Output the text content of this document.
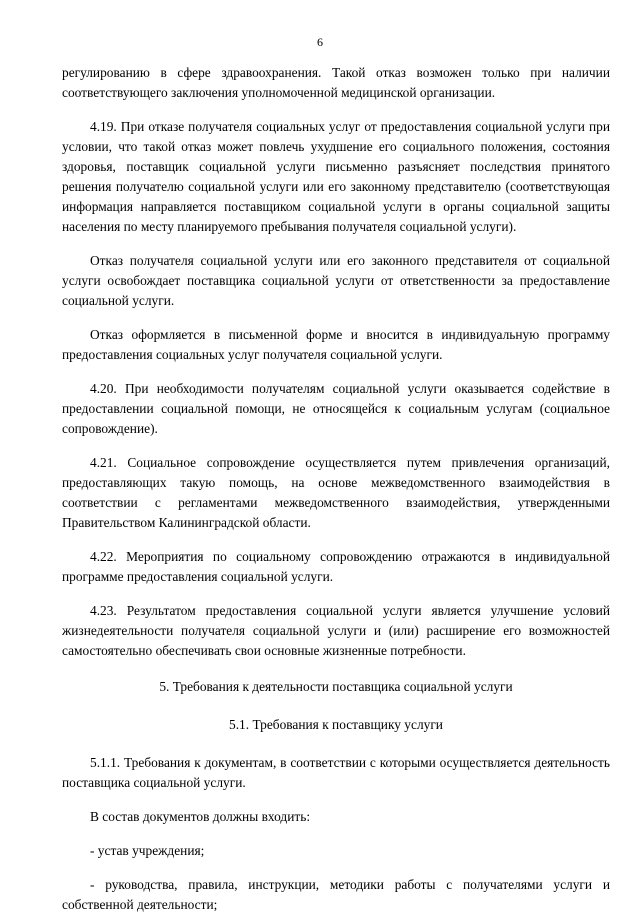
6

регулированию в сфере здравоохранения. Такой отказ возможен только при наличии соответствующего заключения уполномоченной медицинской организации.

4.19. При отказе получателя социальных услуг от предоставления социальной услуги при условии, что такой отказ может повлечь ухудшение его социального положения, состояния здоровья, поставщик социальной услуги письменно разъясняет последствия принятого решения получателю социальной услуги или его законному представителю (соответствующая информация направляется поставщиком социальной услуги в органы социальной защиты населения по месту планируемого пребывания получателя социальной услуги).

Отказ получателя социальной услуги или его законного представителя от социальной услуги освобождает поставщика социальной услуги от ответственности за предоставление социальной услуги.

Отказ оформляется в письменной форме и вносится в индивидуальную программу предоставления социальных услуг получателя социальной услуги.

4.20. При необходимости получателям социальной услуги оказывается содействие в предоставлении социальной помощи, не относящейся к социальным услугам (социальное сопровождение).

4.21. Социальное сопровождение осуществляется путем привлечения организаций, предоставляющих такую помощь, на основе межведомственного взаимодействия в соответствии с регламентами межведомственного взаимодействия, утвержденными Правительством Калининградской области.

4.22. Мероприятия по социальному сопровождению отражаются в индивидуальной программе предоставления социальной услуги.

4.23. Результатом предоставления социальной услуги является улучшение условий жизнедеятельности получателя социальной услуги и (или) расширение его возможностей самостоятельно обеспечивать свои основные жизненные потребности.

5. Требования к деятельности поставщика социальной услуги

5.1. Требования к поставщику услуги

5.1.1. Требования к документам, в соответствии с которыми осуществляется деятельность поставщика социальной услуги.

В состав документов должны входить:

- устав учреждения;

- руководства, правила, инструкции, методики работы с получателями услуги и собственной деятельности;
